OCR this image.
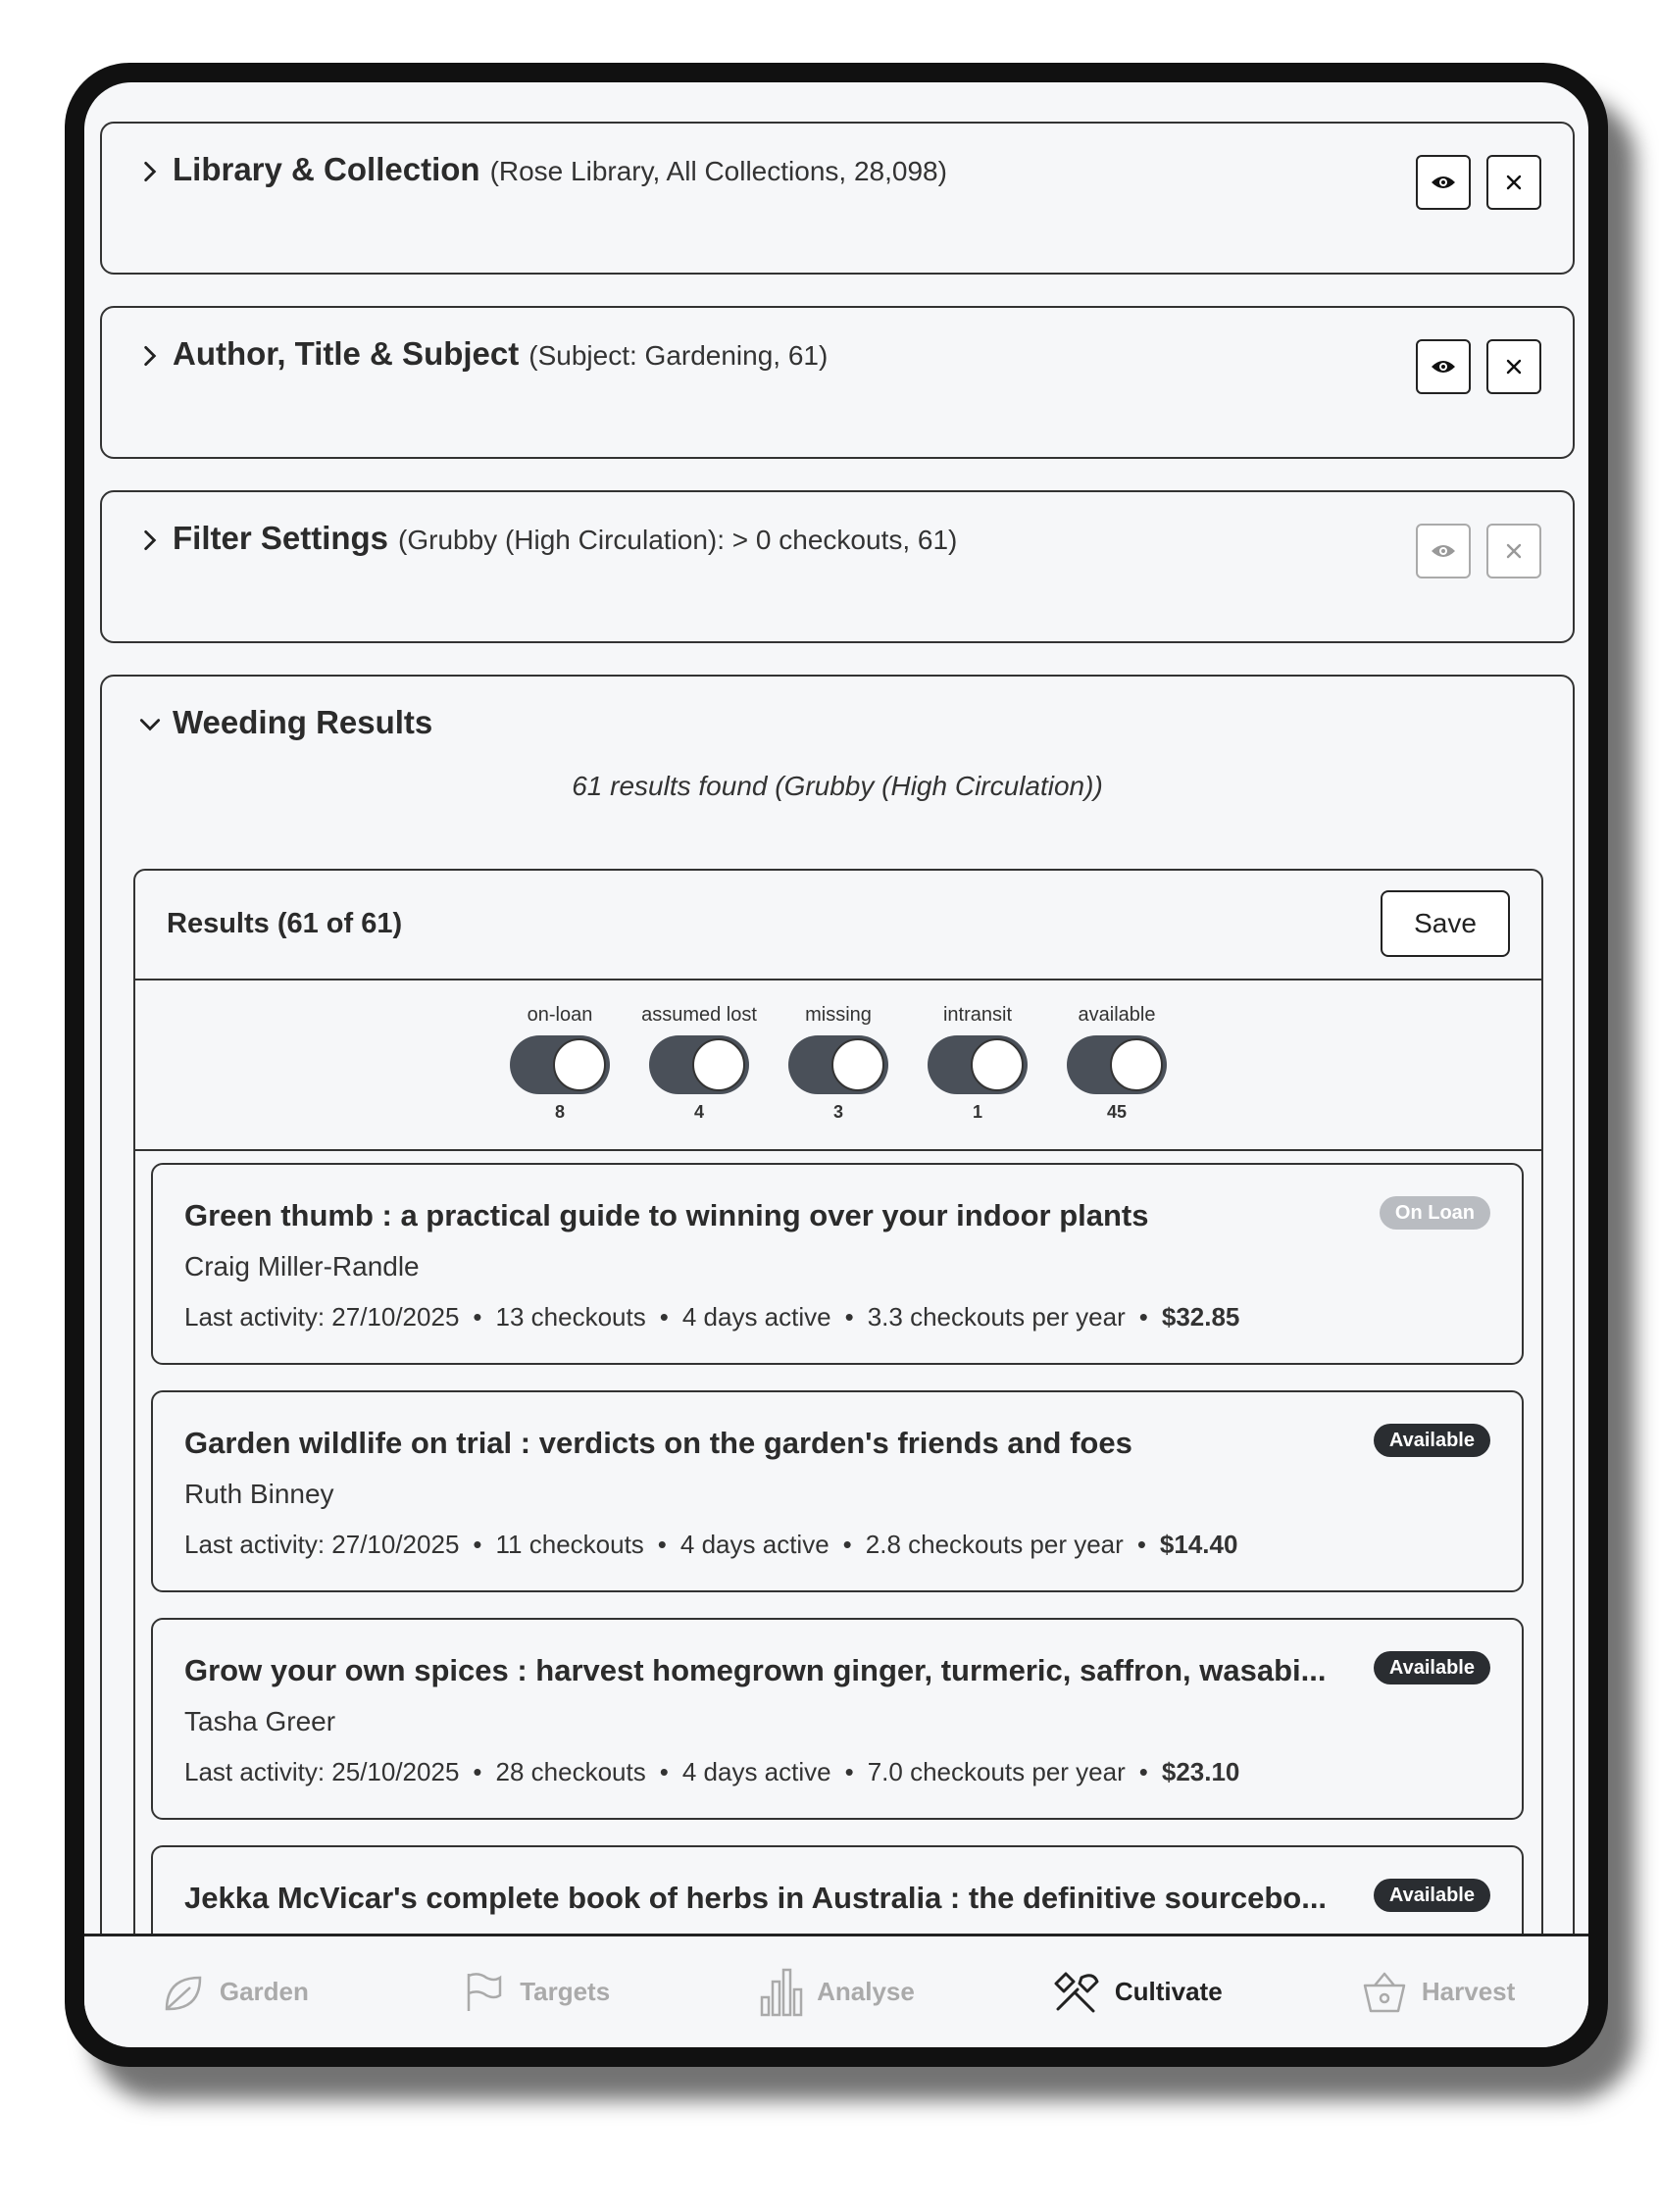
Library & Collection (Rose Library, All Collections, 28,098)
Author, Title & Subject (Subject: Gardening, 61)
Filter Settings (Grubby (High Circulation): > 0 checkouts, 61)
Weeding Results
61 results found (Grubby (High Circulation))
Results (61 of 61)	Save
on-loan
8
assumed lost
4
missing
3
intransit
1
available
45
Green thumb : a practical guide to winning over your indoor plants	On Loan
Craig Miller-Randle
Last activity: 27/10/2025 • 13 checkouts • 4 days active • 3.3 checkouts per year • $32.85
Garden wildlife on trial : verdicts on the garden's friends and foes	Available
Ruth Binney
Last activity: 27/10/2025 • 11 checkouts • 4 days active • 2.8 checkouts per year • $14.40
Grow your own spices : harvest homegrown ginger, turmeric, saffron, wasabi...	Available
Tasha Greer
Last activity: 25/10/2025 • 28 checkouts • 4 days active • 7.0 checkouts per year • $23.10
Jekka McVicar's complete book of herbs in Australia : the definitive sourcebo...	Available
Garden	Targets	Analyse	Cultivate	Harvest
